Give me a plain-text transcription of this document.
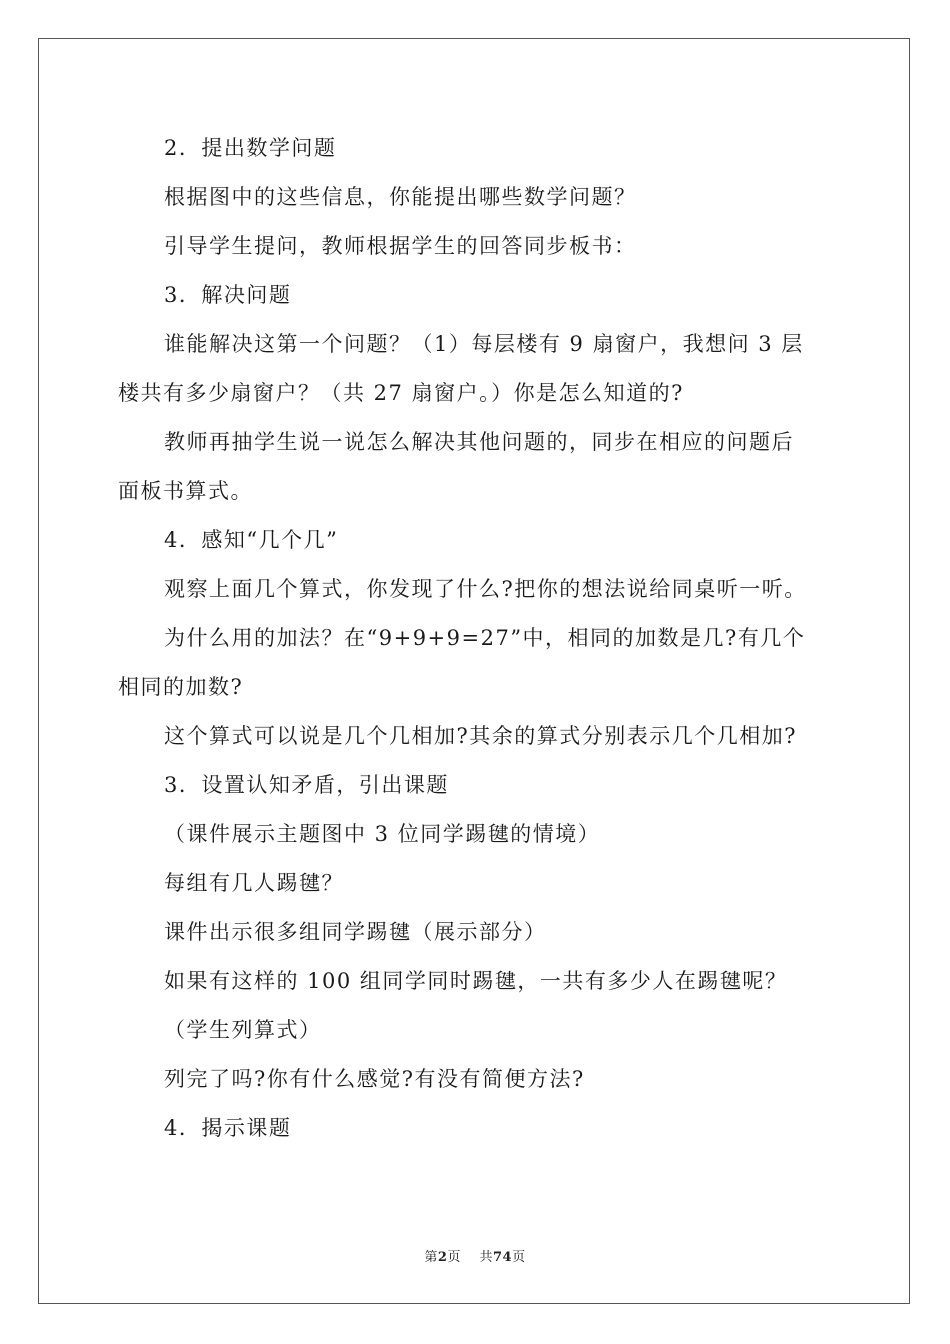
2．提出数学问题
根据图中的这些信息，你能提出哪些数学问题？
引导学生提问，教师根据学生的回答同步板书：
3．解决问题
谁能解决这第一个问题？（1）每层楼有 9 扇窗户，我想问 3 层
楼共有多少扇窗户？（共 27 扇窗户。）你是怎么知道的?
教师再抽学生说一说怎么解决其他问题的，同步在相应的问题后
面板书算式。
4．感知“几个几”
观察上面几个算式，你发现了什么?把你的想法说给同桌听一听。
为什么用的加法？在“9+9+9=27”中，相同的加数是几?有几个
相同的加数?
这个算式可以说是几个几相加?其余的算式分别表示几个几相加?
3．设置认知矛盾，引出课题
（课件展示主题图中 3 位同学踢毽的情境）
每组有几人踢毽？
课件出示很多组同学踢毽（展示部分）
如果有这样的 100 组同学同时踢毽，一共有多少人在踢毽呢？
（学生列算式）
列完了吗?你有什么感觉?有没有简便方法?
4．揭示课题
第2页 共74页
